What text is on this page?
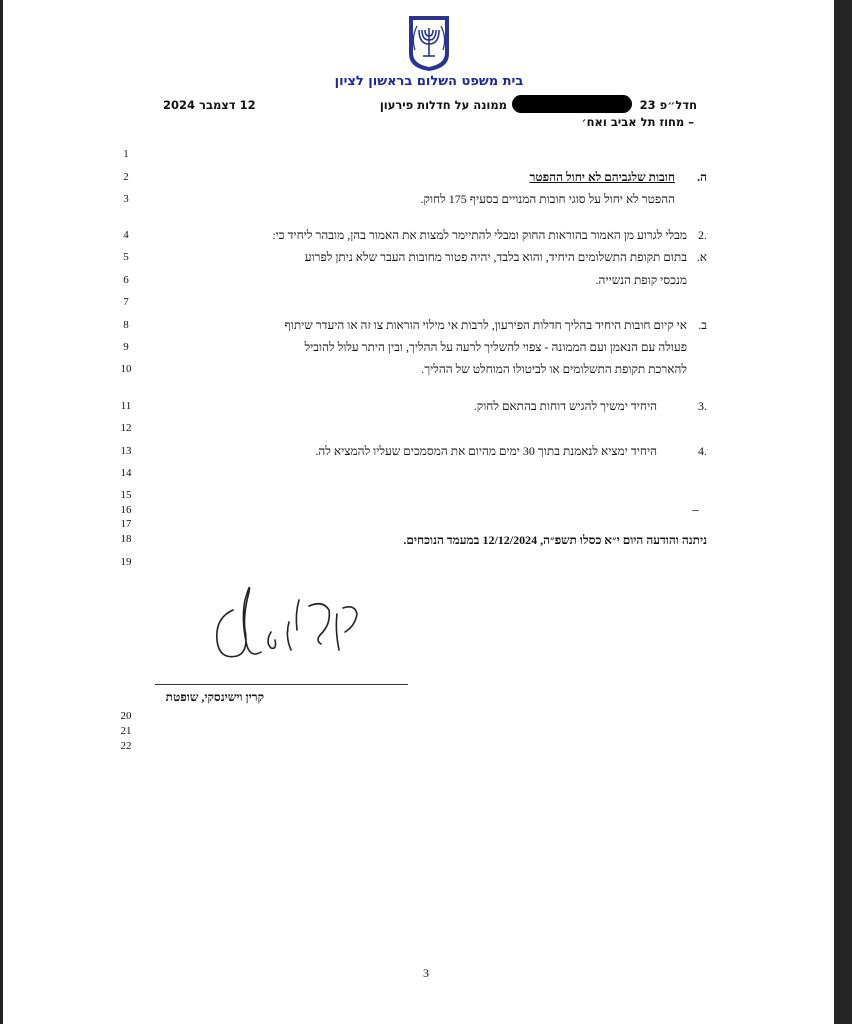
בית משפט השלום בראשון לציון
חדל״פ 23
ממונה על חדלות פירעון
12 דצמבר 2024
– מחוז תל אביב ואח׳
1
2
3
4
5
6
7
8
9
10
11
12
13
14
15
16
17
18
19
20
21
22
ה.
חובות שלגביהם לא יחול ההפטר
ההפטר לא יחול על סוגי חובות המנויים בסעיף 175 לחוק.
.2
מבלי לגרוע מן האמור בהוראות החוק ומבלי להתיימר למצות את האמור בהן, מובהר ליחיד כי:
א.
בתום תקופת התשלומים היחיד, והוא בלבד, יהיה פטור מחובות העבר שלא ניתן לפרוע
מנכסי קופת הנשייה.
ב.
אי קיום חובות היחיד בהליך חדלות הפירעון, לרבות אי מילוי הוראות צו זה או היעדר שיתוף
פעולה עם הנאמן ועם הממונה - צפוי להשליך לרעה על ההליך, ובין היתר עלול להוביל
להארכת תקופת התשלומים או לביטולו המוחלט של ההליך.
.3
היחיד ימשיך להגיש דוחות בהתאם לחוק.
.4
היחיד ימציא לנאמנת בתוך 30 ימים מהיום את המסמכים שעליו להמציא לה.
ניתנה והודעה היום י״א כסלו תשפ״ה, 12/12/2024 במעמד הנוכחים.
קרין וישינסקי, שופטת
3
